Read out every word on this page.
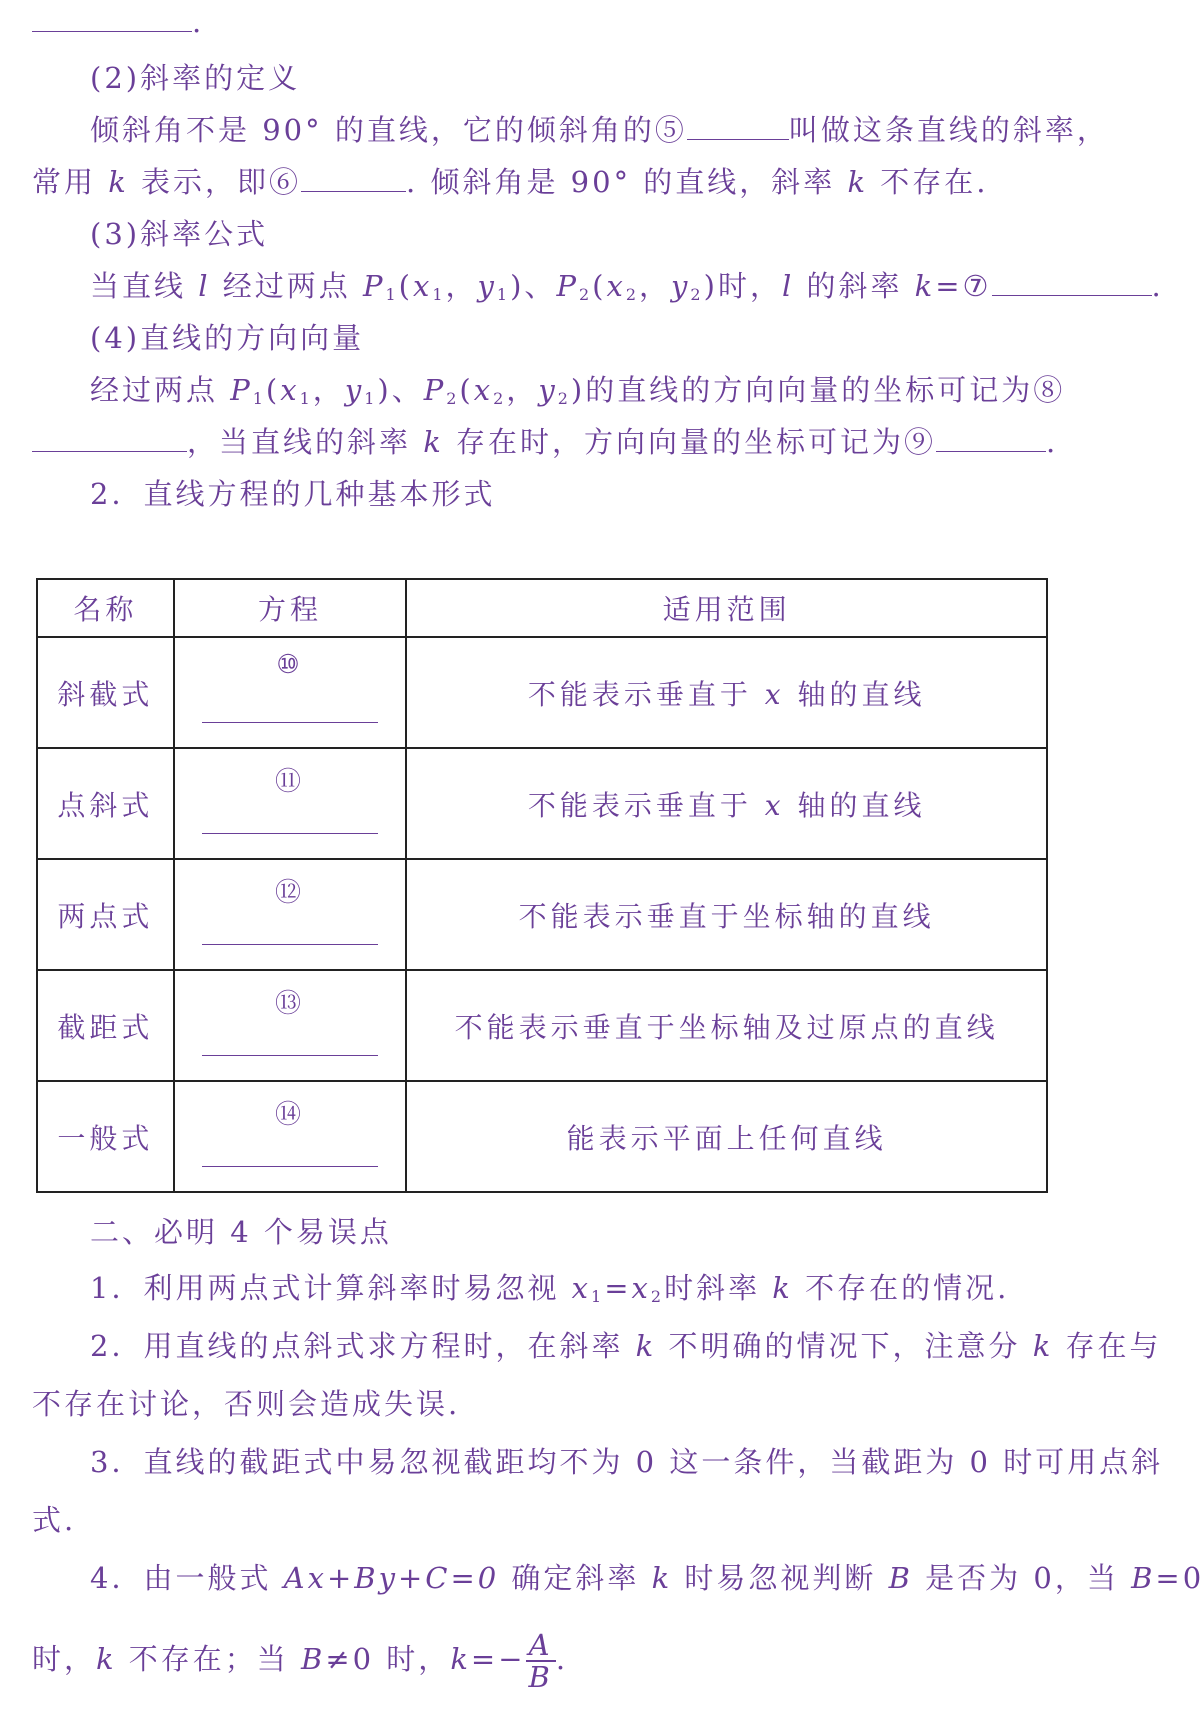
.
(2)斜率的定义
倾斜角不是 90° 的直线，它的倾斜角的⑤	叫做这条直线的斜率，
常用 k 表示，即⑥	. 倾斜角是 90° 的直线，斜率 k 不存在.
(3)斜率公式
当直线 l 经过两点 $P_1(x_1$，$y_1$)、$P_2(x_2$，$y_2$)时，l 的斜率 k=⑦	.
(4)直线的方向向量
经过两点 $P_1(x_1$，$y_1$)、$P_2(x_2$，$y_2$)的直线的方向向量的坐标可记为⑧
，当直线的斜率 k 存在时，方向向量的坐标可记为⑨	.
2．直线方程的几种基本形式
名称	方程	适用范围
斜截式	⑩	不能表示垂直于 x 轴的直线
点斜式	⑪	不能表示垂直于 x 轴的直线
两点式	⑫	不能表示垂直于坐标轴的直线
截距式	⑬	不能表示垂直于坐标轴及过原点的直线
一般式	⑭	能表示平面上任何直线
二、必明 4 个易误点
1．利用两点式计算斜率时易忽视 $x_1=x_2$时斜率 k 不存在的情况.
2．用直线的点斜式求方程时，在斜率 k 不明确的情况下，注意分 k 存在与
不存在讨论，否则会造成失误.
3．直线的截距式中易忽视截距均不为 0 这一条件，当截距为 0 时可用点斜
式.
4．由一般式 Ax+By+C=0 确定斜率 k 时易忽视判断 B 是否为 0，当 B=0
时，k 不存在；当 B≠0 时，$k=- \frac{A}{B}$ .
